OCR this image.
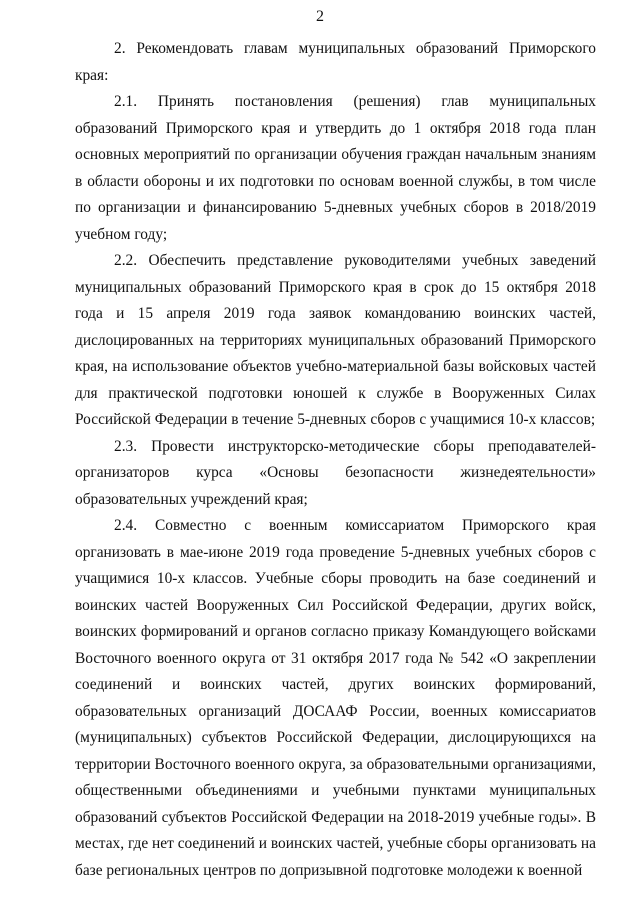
2

2. Рекомендовать главам муниципальных образований Приморского края:

2.1. Принять постановления (решения) глав муниципальных образований Приморского края и утвердить до 1 октября 2018 года план основных мероприятий по организации обучения граждан начальным знаниям в области обороны и их подготовки по основам военной службы, в том числе по организации и финансированию 5-дневных учебных сборов в 2018/2019 учебном году;

2.2. Обеспечить представление руководителями учебных заведений муниципальных образований Приморского края в срок до 15 октября 2018 года и 15 апреля 2019 года заявок командованию воинских частей, дислоцированных на территориях муниципальных образований Приморского края, на использование объектов учебно-материальной базы войсковых частей для практической подготовки юношей к службе в Вооруженных Силах Российской Федерации в течение 5-дневных сборов с учащимися 10-х классов;

2.3. Провести инструкторско-методические сборы преподавателей-организаторов курса «Основы безопасности жизнедеятельности» образовательных учреждений края;

2.4. Совместно с военным комиссариатом Приморского края организовать в мае-июне 2019 года проведение 5-дневных учебных сборов с учащимися 10-х классов. Учебные сборы проводить на базе соединений и воинских частей Вооруженных Сил Российской Федерации, других войск, воинских формирований и органов согласно приказу Командующего войсками Восточного военного округа от 31 октября 2017 года № 542 «О закреплении соединений и воинских частей, других воинских формирований, образовательных организаций ДОСААФ России, военных комиссариатов (муниципальных) субъектов Российской Федерации, дислоцирующихся на территории Восточного военного округа, за образовательными организациями, общественными объединениями и учебными пунктами муниципальных образований субъектов Российской Федерации на 2018-2019 учебные годы». В местах, где нет соединений и воинских частей, учебные сборы организовать на базе региональных центров по допризывной подготовке молодежи к военной
